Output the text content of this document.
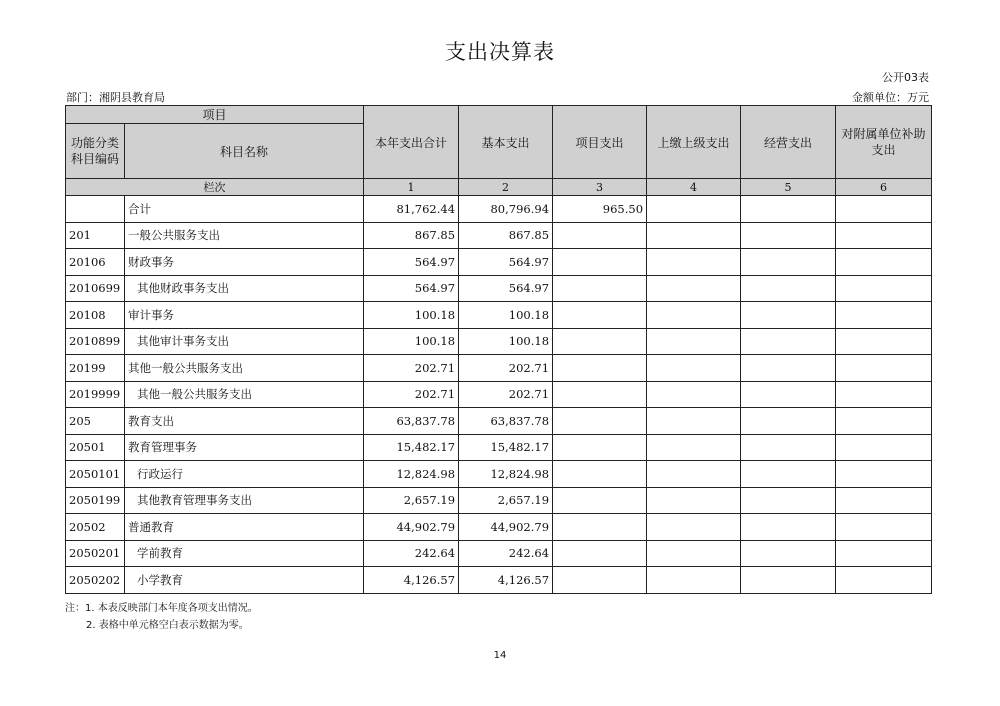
支出决算表
公开03表
部门：湘阴县教育局	金额单位：万元
项目		本年支出合计	基本支出	项目支出	上缴上级支出	经营支出	对附属单位补助支出
功能分类科目编码	科目名称						
栏次		1	2	3	4	5	6
	合计	81,762.44	80,796.94	965.50			
201	一般公共服务支出	867.85	867.85				
20106	财政事务	564.97	564.97				
2010699	其他财政事务支出	564.97	564.97				
20108	审计事务	100.18	100.18				
2010899	其他审计事务支出	100.18	100.18				
20199	其他一般公共服务支出	202.71	202.71				
2019999	其他一般公共服务支出	202.71	202.71				
205	教育支出	63,837.78	63,837.78				
20501	教育管理事务	15,482.17	15,482.17				
2050101	行政运行	12,824.98	12,824.98				
2050199	其他教育管理事务支出	2,657.19	2,657.19				
20502	普通教育	44,902.79	44,902.79				
2050201	学前教育	242.64	242.64				
2050202	小学教育	4,126.57	4,126.57				
注：1. 本表反映部门本年度各项支出情况。
2. 表格中单元格空白表示数据为零。
14
